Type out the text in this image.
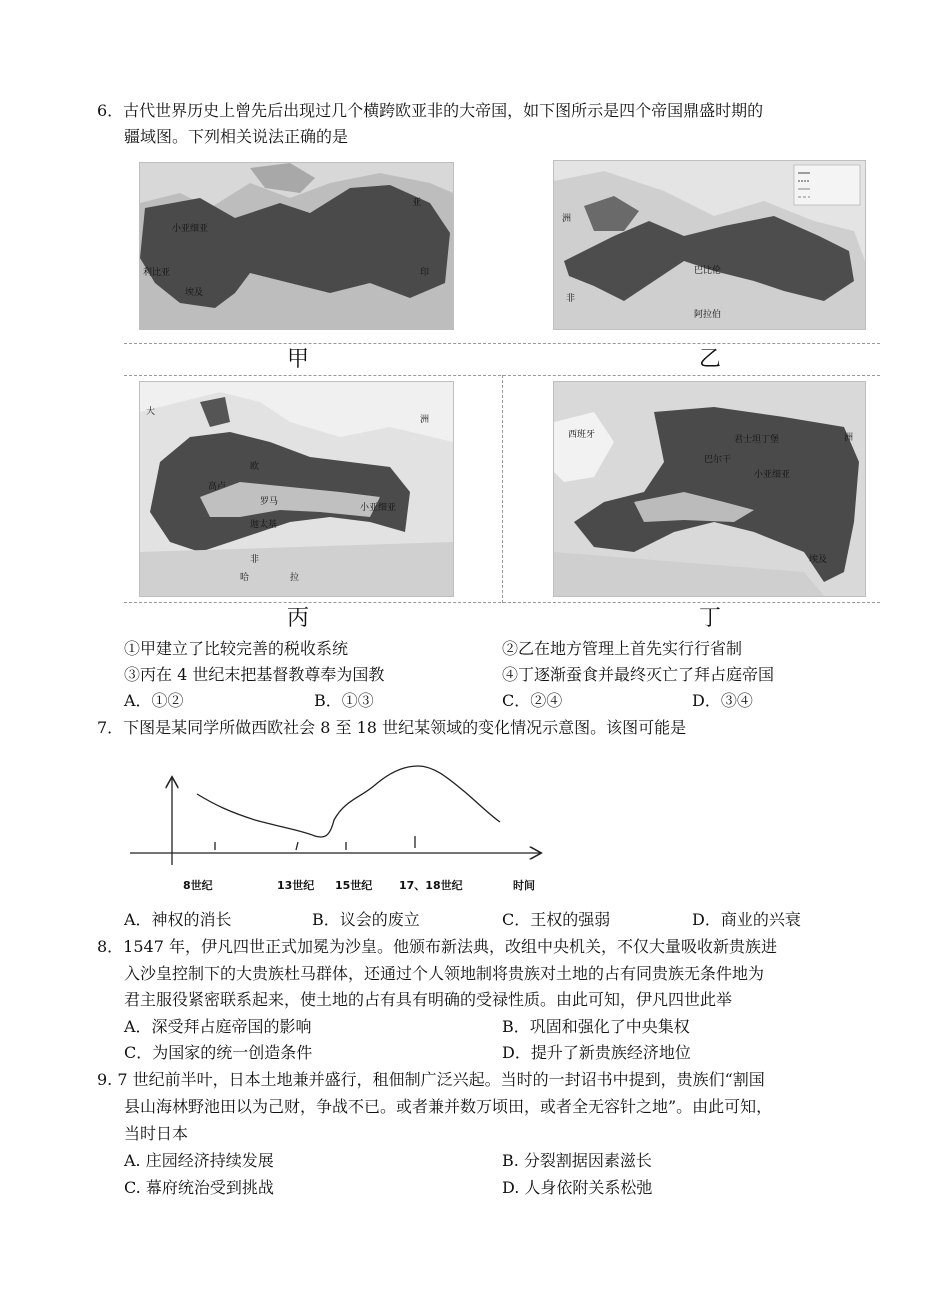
6．古代世界历史上曾先后出现过几个横跨欧亚非的大帝国，如下图所示是四个帝国鼎盛时期的
疆域图。下列相关说法正确的是
小亚细亚
亚
利比亚
埃及
印	巴比伦
阿拉伯
洲
非
甲	乙
欧
高卢
罗马
迦太基
小亚细亚
非
洲
哈	拉
大
西班牙	君士坦丁堡
小亚细亚
巴尔干
洲
埃及
丙	丁
①甲建立了比较完善的税收系统	②乙在地方管理上首先实行行省制
③丙在 4 世纪末把基督教尊奉为国教	④丁逐渐蚕食并最终灭亡了拜占庭帝国
A．①②	B．①③	C．②④	D．③④
7．下图是某同学所做西欧社会 8 至 18 世纪某领域的变化情况示意图。该图可能是
8世纪	13世纪 15世纪 17、18世纪	时间
A．神权的消长	B．议会的废立	C．王权的强弱	D．商业的兴衰
8．1547 年，伊凡四世正式加冕为沙皇。他颁布新法典，改组中央机关，不仅大量吸收新贵族进
入沙皇控制下的大贵族杜马群体，还通过个人领地制将贵族对土地的占有同贵族无条件地为
君主服役紧密联系起来，使土地的占有具有明确的受禄性质。由此可知，伊凡四世此举
A．深受拜占庭帝国的影响	B．巩固和强化了中央集权
C．为国家的统一创造条件	D．提升了新贵族经济地位
9. 7 世纪前半叶，日本土地兼并盛行，租佃制广泛兴起。当时的一封诏书中提到，贵族们“割国
县山海林野池田以为己财，争战不已。或者兼并数万顷田，或者全无容针之地”。由此可知，
当时日本
A. 庄园经济持续发展	B. 分裂割据因素滋长
C. 幕府统治受到挑战	D. 人身依附关系松弛
